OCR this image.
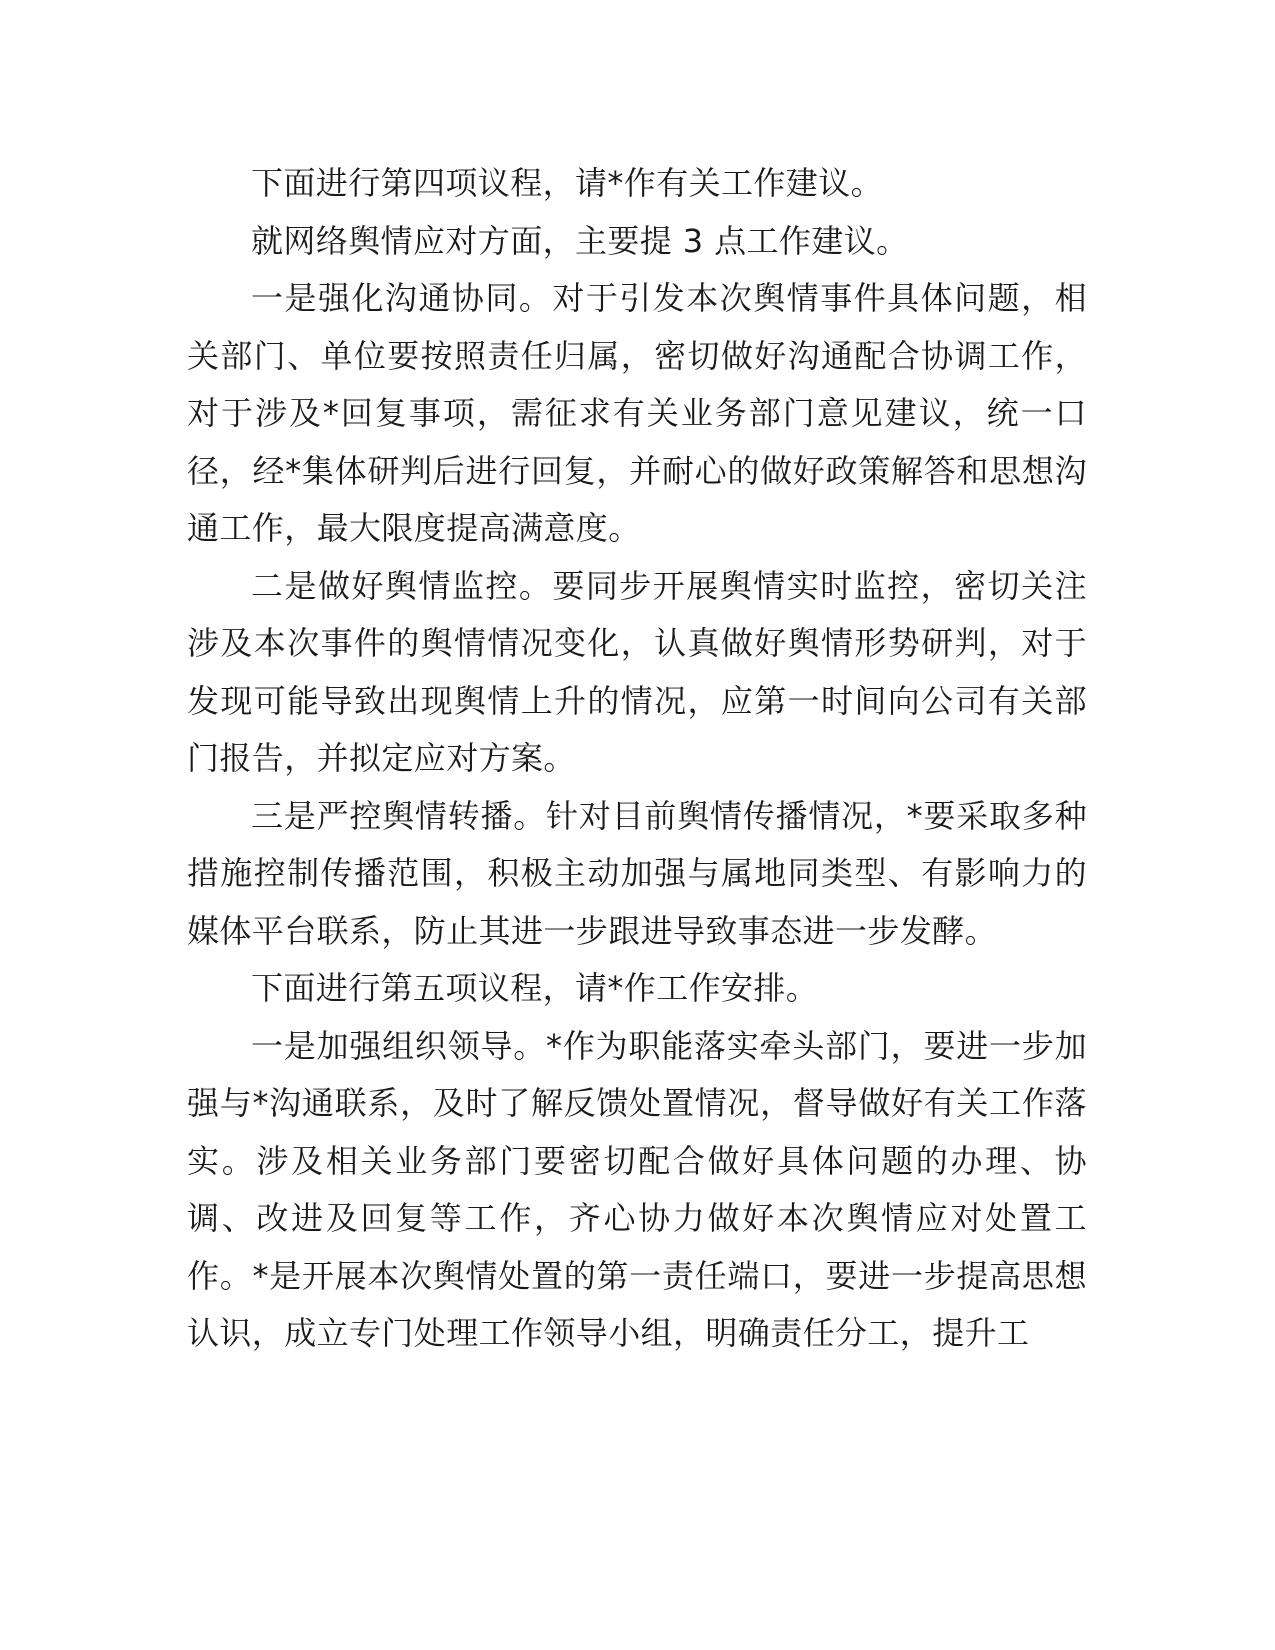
下面进行第四项议程，请*作有关工作建议。

就网络舆情应对方面，主要提 3 点工作建议。

一是强化沟通协同。对于引发本次舆情事件具体问题，相关部门、单位要按照责任归属，密切做好沟通配合协调工作，对于涉及*回复事项，需征求有关业务部门意见建议，统一口径，经*集体研判后进行回复，并耐心的做好政策解答和思想沟通工作，最大限度提高满意度。

二是做好舆情监控。要同步开展舆情实时监控，密切关注涉及本次事件的舆情情况变化，认真做好舆情形势研判，对于发现可能导致出现舆情上升的情况，应第一时间向公司有关部门报告，并拟定应对方案。

三是严控舆情转播。针对目前舆情传播情况，*要采取多种措施控制传播范围，积极主动加强与属地同类型、有影响力的媒体平台联系，防止其进一步跟进导致事态进一步发酵。

下面进行第五项议程，请*作工作安排。

一是加强组织领导。*作为职能落实牵头部门，要进一步加强与*沟通联系，及时了解反馈处置情况，督导做好有关工作落实。涉及相关业务部门要密切配合做好具体问题的办理、协调、改进及回复等工作，齐心协力做好本次舆情应对处置工作。*是开展本次舆情处置的第一责任端口，要进一步提高思想认识，成立专门处理工作领导小组，明确责任分工，提升工
